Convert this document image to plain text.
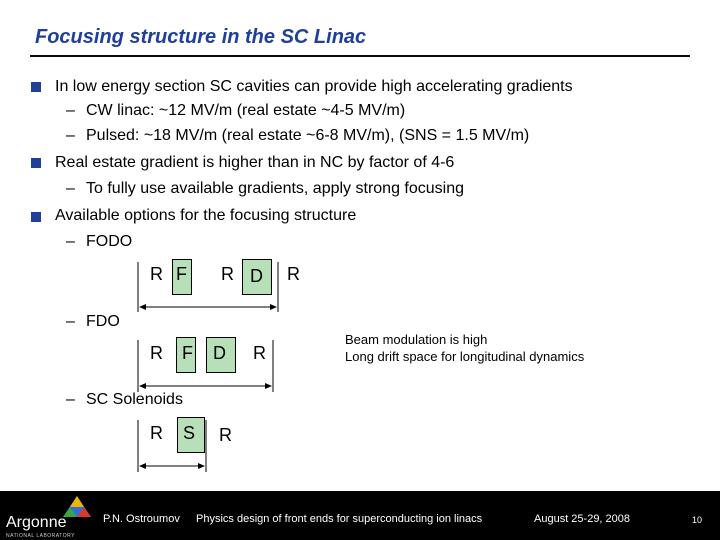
Focusing structure in the SC Linac
In low energy section SC cavities can provide high accelerating gradients
– CW linac: ~12 MV/m (real estate ~4-5 MV/m)
– Pulsed: ~18 MV/m (real estate ~6-8 MV/m), (SNS = 1.5 MV/m)
Real estate gradient is higher than in NC by factor of 4-6
– To fully use available gradients, apply strong focusing
Available options for the focusing structure
– FODO
R F R D R
– FDO
R F D R
Beam modulation is high
Long drift space for longitudinal dynamics
– SC Solenoids
R S R
Argonne
NATIONAL LABORATORY
P.N. Ostroumov Physics design of front ends for superconducting ion linacs	August 25-29, 2008	10
